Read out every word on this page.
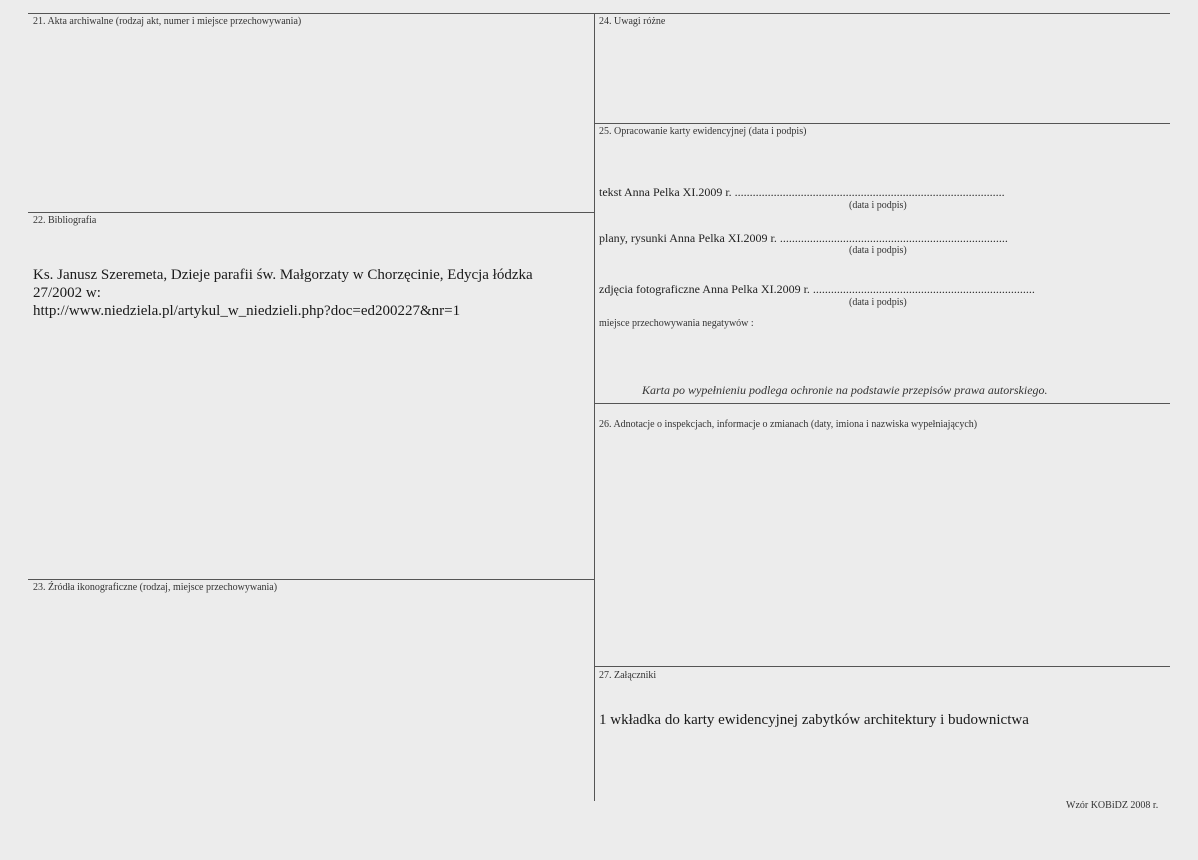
21. Akta archiwalne (rodzaj akt, numer i miejsce przechowywania)
22. Bibliografia
Ks. Janusz Szeremeta, Dzieje parafii św. Małgorzaty w Chorzęcinie, Edycja łódzka
27/2002 w:
http://www.niedziela.pl/artykul_w_niedzieli.php?doc=ed200227&nr=1
23. Źródła ikonograficzne (rodzaj, miejsce przechowywania)
24. Uwagi różne
25. Opracowanie karty ewidencyjnej (data i podpis)
tekst Anna Pelka XI.2009 r. ..........................................................................................
(data i podpis)
plany, rysunki Anna Pelka XI.2009 r. ............................................................................
(data i podpis)
zdjęcia fotograficzne Anna Pelka XI.2009 r. ..........................................................................
(data i podpis)
miejsce przechowywania negatywów :
Karta po wypełnieniu podlega ochronie na podstawie przepisów prawa autorskiego.
26. Adnotacje o inspekcjach, informacje o zmianach (daty, imiona i nazwiska wypełniających)
27. Załączniki
1 wkładka do karty ewidencyjnej zabytków architektury i budownictwa
Wzór KOBiDZ 2008 r.
